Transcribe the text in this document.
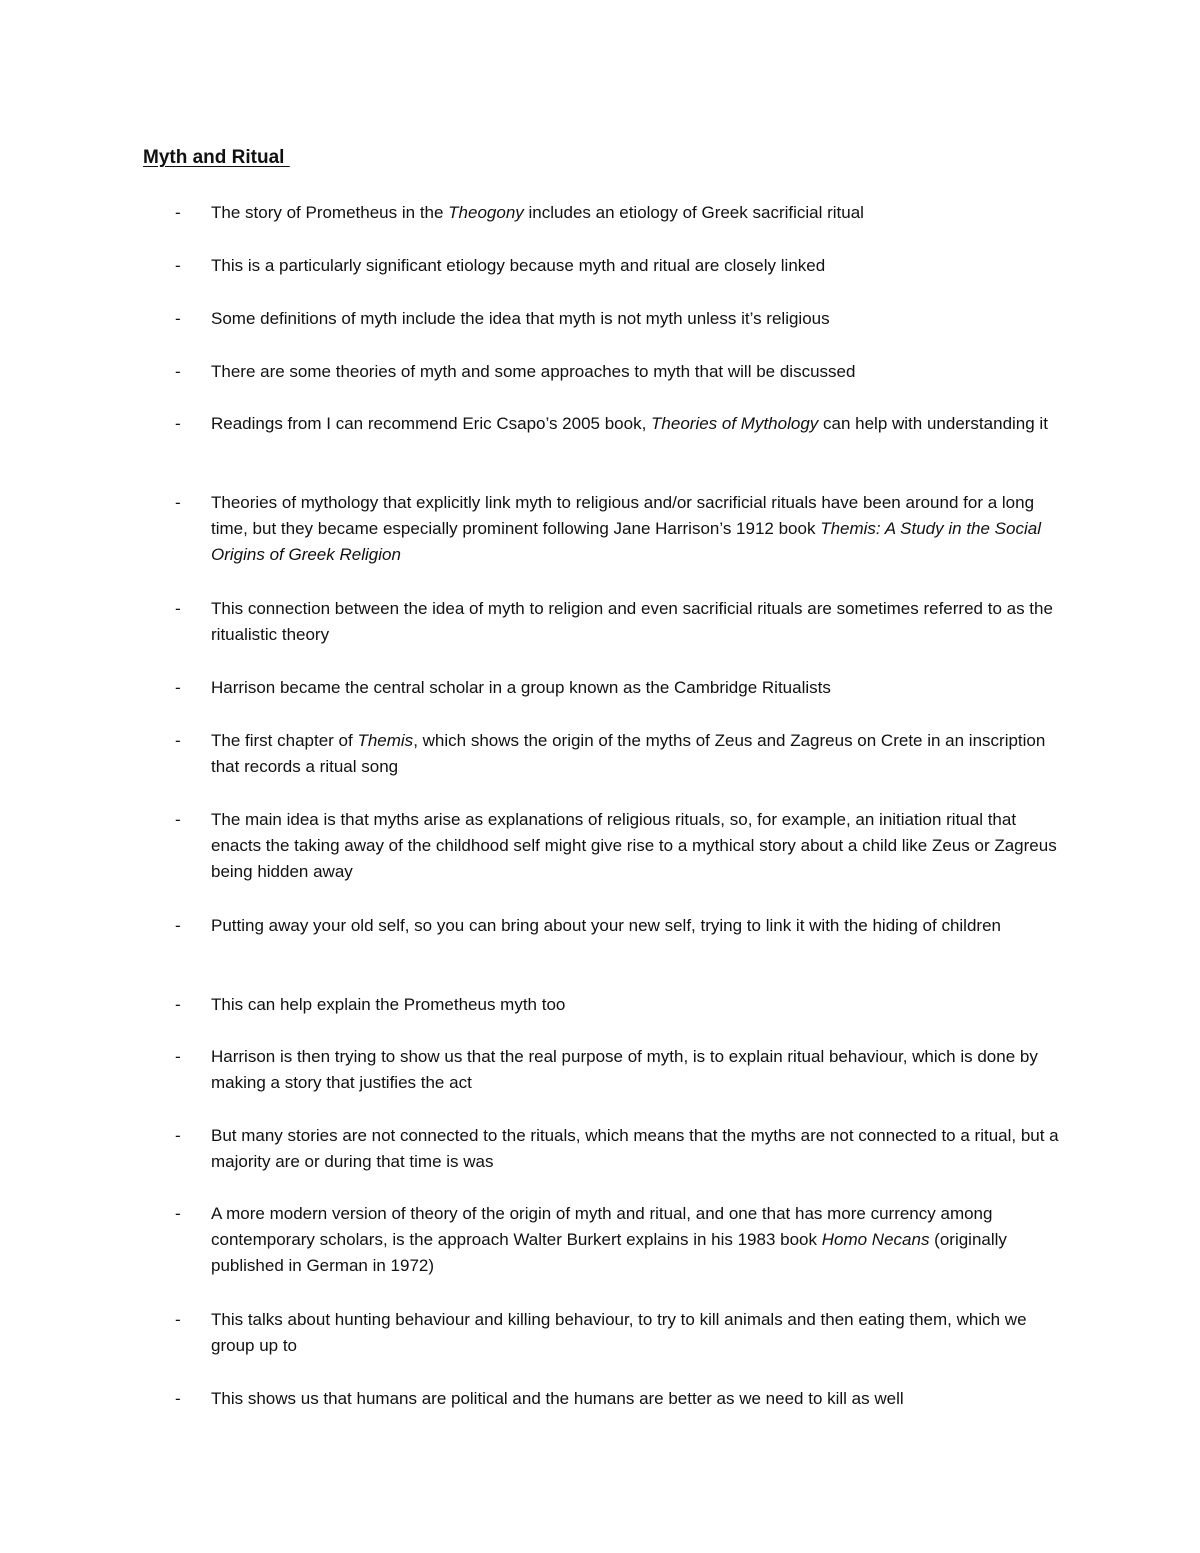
Myth and Ritual
- The story of Prometheus in the Theogony includes an etiology of Greek sacrificial ritual
- This is a particularly significant etiology because myth and ritual are closely linked
- Some definitions of myth include the idea that myth is not myth unless it’s religious
- There are some theories of myth and some approaches to myth that will be discussed
- Readings from I can recommend Eric Csapo’s 2005 book, Theories of Mythology can help with understanding it
- Theories of mythology that explicitly link myth to religious and/or sacrificial rituals have been around for a long time, but they became especially prominent following Jane Harrison’s 1912 book Themis: A Study in the Social Origins of Greek Religion
- This connection between the idea of myth to religion and even sacrificial rituals are sometimes referred to as the ritualistic theory
- Harrison became the central scholar in a group known as the Cambridge Ritualists
- The first chapter of Themis, which shows the origin of the myths of Zeus and Zagreus on Crete in an inscription that records a ritual song
- The main idea is that myths arise as explanations of religious rituals, so, for example, an initiation ritual that enacts the taking away of the childhood self might give rise to a mythical story about a child like Zeus or Zagreus being hidden away
- Putting away your old self, so you can bring about your new self, trying to link it with the hiding of children
- This can help explain the Prometheus myth too
- Harrison is then trying to show us that the real purpose of myth, is to explain ritual behaviour, which is done by making a story that justifies the act
- But many stories are not connected to the rituals, which means that the myths are not connected to a ritual, but a majority are or during that time is was
- A more modern version of theory of the origin of myth and ritual, and one that has more currency among contemporary scholars, is the approach Walter Burkert explains in his 1983 book Homo Necans (originally published in German in 1972)
- This talks about hunting behaviour and killing behaviour, to try to kill animals and then eating them, which we group up to
- This shows us that humans are political and the humans are better as we need to kill as well
